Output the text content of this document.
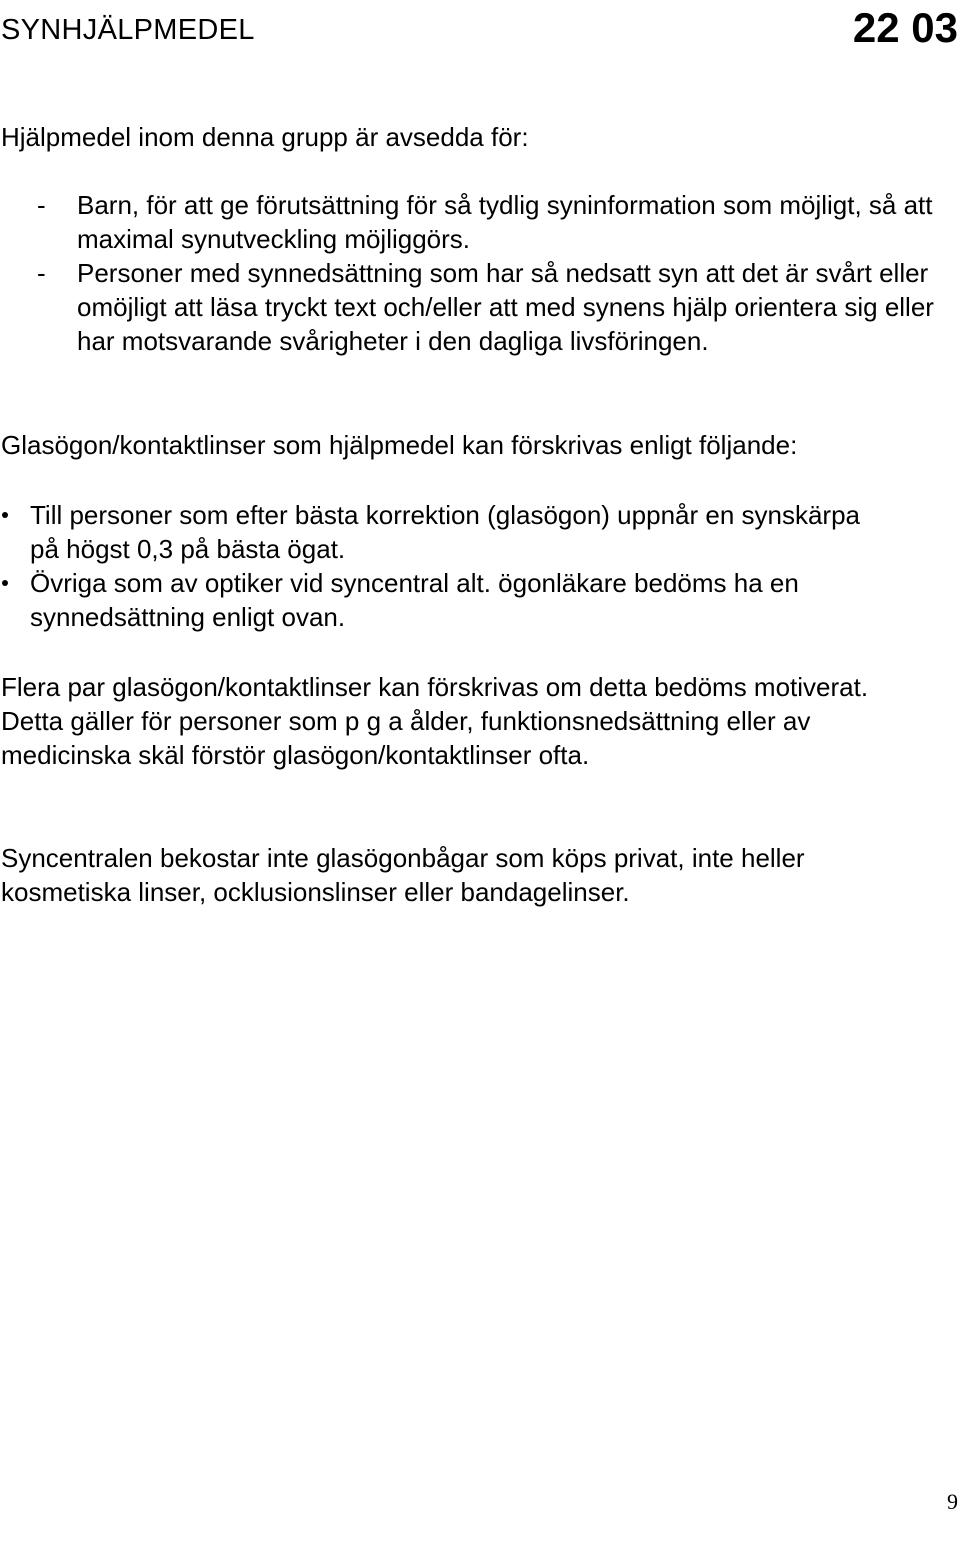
SYNHJÄLPMEDEL	22 03

Hjälpmedel inom denna grupp är avsedda för:

- Barn, för att ge förutsättning för så tydlig syninformation som möjligt, så att maximal synutveckling möjliggörs.
- Personer med synnedsättning som har så nedsatt syn att det är svårt eller omöjligt att läsa tryckt text och/eller att med synens hjälp orientera sig eller har motsvarande svårigheter i den dagliga livsföringen.

Glasögon/kontaktlinser som hjälpmedel kan förskrivas enligt följande:

Till personer som efter bästa korrektion (glasögon) uppnår en synskärpa på högst 0,3 på bästa ögat.
Övriga som av optiker vid syncentral alt. ögonläkare bedöms ha en synnedsättning enligt ovan.

Flera par glasögon/kontaktlinser kan förskrivas om detta bedöms motiverat. Detta gäller för personer som p g a ålder, funktionsnedsättning eller av medicinska skäl förstör glasögon/kontaktlinser ofta.

Syncentralen bekostar inte glasögonbågar som köps privat, inte heller kosmetiska linser, ocklusionslinser eller bandagelinser.

9
